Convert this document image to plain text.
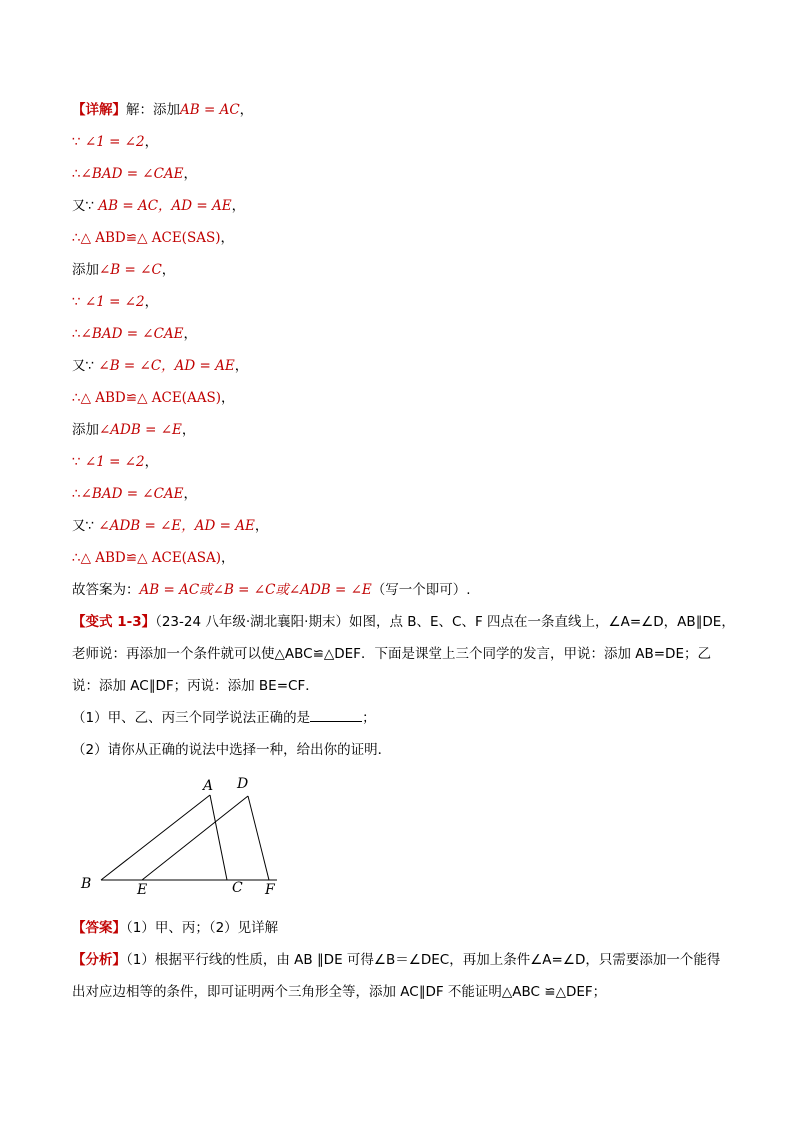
【详解】解：添加AB = AC，
∵ ∠1 = ∠2，
∴∠BAD = ∠CAE，
又∵ AB = AC，AD = AE，
∴△ ABD≌△ ACE(SAS)，
添加∠B = ∠C，
∵ ∠1 = ∠2，
∴∠BAD = ∠CAE，
又∵ ∠B = ∠C，AD = AE，
∴△ ABD≌△ ACE(AAS)，
添加∠ADB = ∠E，
∵ ∠1 = ∠2，
∴∠BAD = ∠CAE，
又∵ ∠ADB = ∠E，AD = AE，
∴△ ABD≌△ ACE(ASA)，
故答案为：AB = AC或∠B = ∠C或∠ADB = ∠E（写一个即可）.
【变式 1-3】（23-24 八年级·湖北襄阳·期末）如图，点 B、E、C、F 四点在一条直线上，∠A=∠D，AB∥DE，
老师说：再添加一个条件就可以使△ABC≌△DEF．下面是课堂上三个同学的发言，甲说：添加 AB=DE；乙
说：添加 AC∥DF；丙说：添加 BE=CF．
（1）甲、乙、丙三个同学说法正确的是	；
（2）请你从正确的说法中选择一种，给出你的证明．
A D
B	E	C F
【答案】（1）甲、丙；（2）见详解
【分析】（1）根据平行线的性质，由 AB ∥DE 可得∠B＝∠DEC，再加上条件∠A=∠D，只需要添加一个能得
出对应边相等的条件，即可证明两个三角形全等，添加 AC∥DF 不能证明△ABC ≌△DEF；
